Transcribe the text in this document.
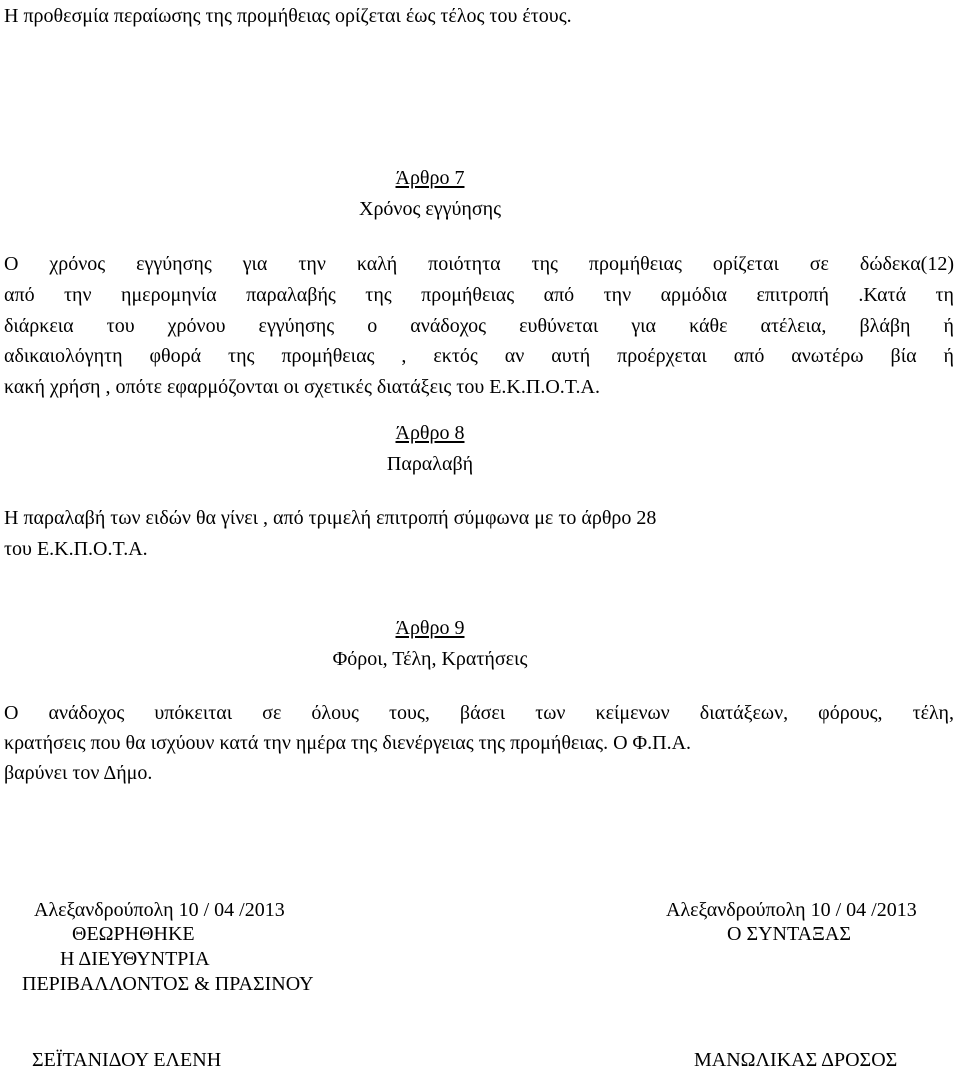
Η προθεσμία περαίωσης της προμήθειας ορίζεται έως τέλος του έτους.
Άρθρο 7
Χρόνος εγγύησης
Ο χρόνος εγγύησης για την καλή ποιότητα της προμήθειας ορίζεται σε δώδεκα(12)
από την ημερομηνία παραλαβής της προμήθειας από την αρμόδια επιτροπή .Κατά τη
διάρκεια του χρόνου εγγύησης ο ανάδοχος ευθύνεται για κάθε ατέλεια, βλάβη ή
αδικαιολόγητη φθορά της προμήθειας , εκτός αν αυτή προέρχεται από ανωτέρω βία ή
κακή χρήση , οπότε εφαρμόζονται οι σχετικές διατάξεις του Ε.Κ.Π.Ο.Τ.Α.
Άρθρο 8
Παραλαβή
Η παραλαβή των ειδών θα γίνει , από τριμελή επιτροπή σύμφωνα με το άρθρο 28
του Ε.Κ.Π.Ο.Τ.Α.
Άρθρο 9
Φόροι, Τέλη, Κρατήσεις
Ο ανάδοχος υπόκειται σε όλους τους, βάσει των κείμενων διατάξεων, φόρους, τέλη,
κρατήσεις που θα ισχύουν κατά την ημέρα της διενέργειας της προμήθειας. Ο Φ.Π.Α.
βαρύνει τον Δήμο.
Αλεξανδρούπολη 10 / 04 /2013
ΘΕΩΡΗΘΗΚΕ
Η ΔΙΕΥΘΥΝΤΡΙΑ
ΠΕΡΙΒΑΛΛΟΝΤΟΣ & ΠΡΑΣΙΝΟΥ
ΣΕΪΤΑΝΙΔΟΥ ΕΛΕΝΗ
Αλεξανδρούπολη 10 / 04 /2013
Ο ΣΥΝΤΑΞΑΣ
ΜΑΝΩΛΙΚΑΣ ΔΡΟΣΟΣ
